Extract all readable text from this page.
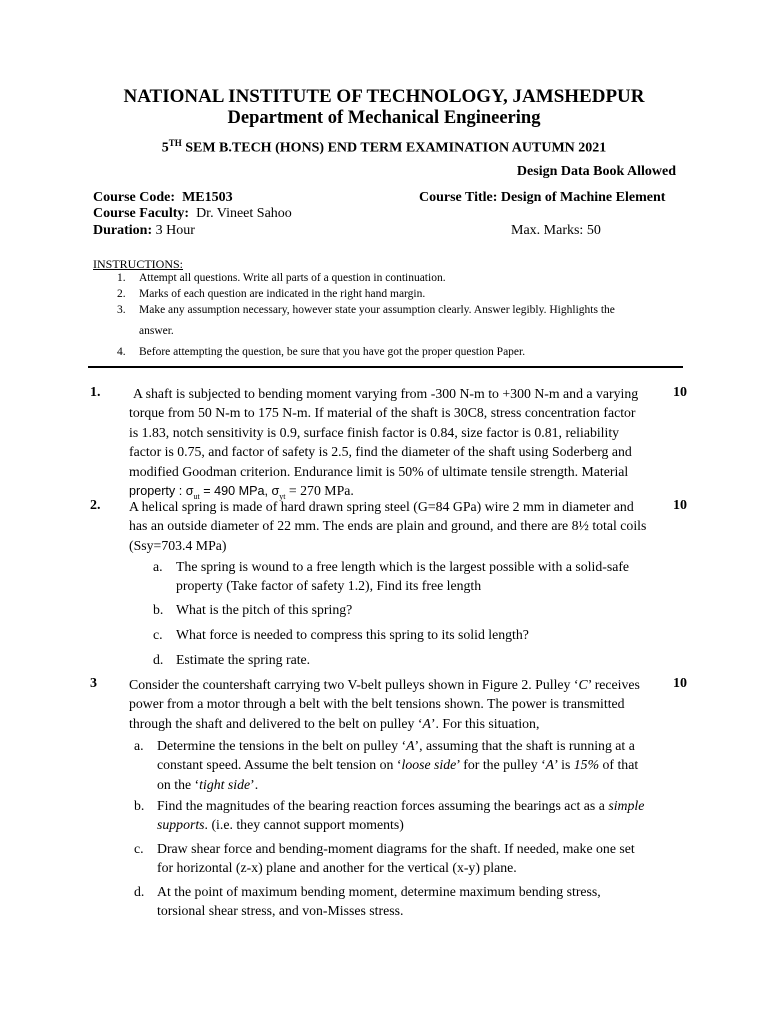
NATIONAL INSTITUTE OF TECHNOLOGY, JAMSHEDPUR
Department of Mechanical Engineering
5TH SEM B.TECH (HONS) END TERM EXAMINATION AUTUMN 2021
Design Data Book Allowed
Course Code:  ME1503	Course Title: Design of Machine Element
Course Faculty: Dr. Vineet Sahoo
Duration: 3 Hour	Max. Marks: 50
INSTRUCTIONS:
1. Attempt all questions. Write all parts of a question in continuation.
2. Marks of each question are indicated in the right hand margin.
3. Make any assumption necessary, however state your assumption clearly. Answer legibly. Highlights the
answer.
4. Before attempting the question, be sure that you have got the proper question Paper.
1.	10
A shaft is subjected to bending moment varying from -300 N-m to +300 N-m and a varying
torque from 50 N-m to 175 N-m. If material of the shaft is 30C8, stress concentration factor
is 1.83, notch sensitivity is 0.9, surface finish factor is 0.84, size factor is 0.81, reliability
factor is 0.75, and factor of safety is 2.5, find the diameter of the shaft using Soderberg and
modified Goodman criterion. Endurance limit is 50% of ultimate tensile strength. Material
property : $\sigma_{ut} = 490$ MPa, $\sigma_{yt} = 270$ MPa.
2.	10
A helical spring is made of hard drawn spring steel (G=84 GPa) wire 2 mm in diameter and
has an outside diameter of 22 mm. The ends are plain and ground, and there are 8½ total coils
(Ssy=703.4 MPa)
a. The spring is wound to a free length which is the largest possible with a solid-safe
property (Take factor of safety 1.2), Find its free length
b. What is the pitch of this spring?
c. What force is needed to compress this spring to its solid length?
d. Estimate the spring rate.
3	10
Consider the countershaft carrying two V-belt pulleys shown in Figure 2. Pulley ‘C’ receives
power from a motor through a belt with the belt tensions shown. The power is transmitted
through the shaft and delivered to the belt on pulley ‘A’. For this situation,
a. Determine the tensions in the belt on pulley ‘A’, assuming that the shaft is running at a
constant speed. Assume the belt tension on ‘loose side’ for the pulley ‘A’ is 15% of that
on the ‘tight side’.
b. Find the magnitudes of the bearing reaction forces assuming the bearings act as a simple
supports. (i.e. they cannot support moments)
c. Draw shear force and bending-moment diagrams for the shaft. If needed, make one set
for horizontal (z-x) plane and another for the vertical (x-y) plane.
d. At the point of maximum bending moment, determine maximum bending stress,
torsional shear stress, and von-Misses stress.
